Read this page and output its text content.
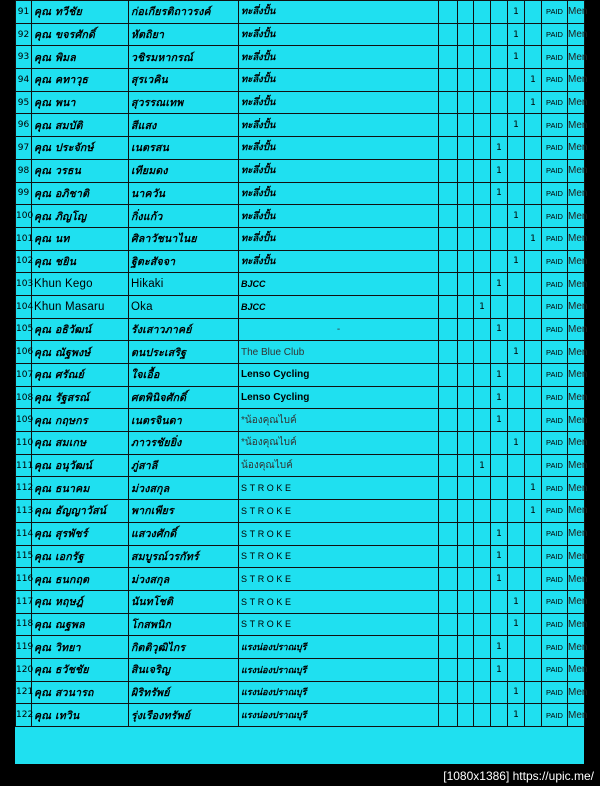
91	คุณ ทวีชัย	ก่อเกียรติถาวรงค์	ทะลึ่งปั้น					1		PAID	Men
92	คุณ ขจรศักดิ์	หัตถิยา	ทะลึ่งปั้น					1		PAID	Men
93	คุณ พิมล	วชิรมหากรณ์	ทะลึ่งปั้น					1		PAID	Men
94	คุณ คทาวุธ	สุรเวคิน	ทะลึ่งปั้น						1	PAID	Men
95	คุณ พนา	สุวรรณเทพ	ทะลึ่งปั้น						1	PAID	Men
96	คุณ สมบัติ	สีแสง	ทะลึ่งปั้น					1		PAID	Men
97	คุณ ประจักษ์	เนตรสน	ทะลึ่งปั้น				1			PAID	Men
98	คุณ วรธน	เทียมดง	ทะลึ่งปั้น				1			PAID	Men
99	คุณ อภิชาติ	นาควัน	ทะลึ่งปั้น				1			PAID	Men
100	คุณ ภิญโญ	กิ่งแก้ว	ทะลึ่งปั้น					1		PAID	Men
101	คุณ นท	ศิลาวัชนาไนย	ทะลึ่งปั้น						1	PAID	Men
102	คุณ ชยิน	ฐิตะสัจจา	ทะลึ่งปั้น					1		PAID	Men
103	Khun Kego	Hikaki	BJCC				1			PAID	Men
104	Khun Masaru	Oka	BJCC			1				PAID	Men
105	คุณ อธิวัฒน์	รังเสาวภาคย์	-				1			PAID	Men
106	คุณ ณัฐพงษ์	ตนประเสริฐ	The Blue Club					1		PAID	Men
107	คุณ ศรัณย์	ใจเอื้อ	Lenso Cycling				1			PAID	Men
108	คุณ รัฐสรณ์	ศตพินิจศักดิ์	Lenso Cycling				1			PAID	Men
109	คุณ กฤษกร	เนตรจินดา	*น้องคุณไบค์				1			PAID	Men
110	คุณ สมเกษ	ภาวรชัยยิ่ง	*น้องคุณไบค์					1		PAID	Men
111	คุณ อนุวัฒน์	ภู่สาลี	น้องคุณไบค์			1				PAID	Men
112	คุณ ธนาคม	ม่วงสกุล	STROKE						1	PAID	Men
113	คุณ ธัญญาวัสน์	พากเพียร	STROKE						1	PAID	Men
114	คุณ สุรพัชร์	แสวงศักดิ์	STROKE				1			PAID	Men
115	คุณ เอกรัฐ	สมบูรณ์วรกัทร์	STROKE				1			PAID	Men
116	คุณ ธนกฤต	ม่วงสกุล	STROKE				1			PAID	Men
117	คุณ หฤษฎ์	นันทโชติ	STROKE					1		PAID	Men
118	คุณ ณฐพล	โกสพนิก	STROKE					1		PAID	Men
119	คุณ วิทยา	กิตติวุฒิไกร	แรงน่องปราณบุรี				1			PAID	Men
120	คุณ ธวัชชัย	สินเจริญ	แรงน่องปราณบุรี				1			PAID	Men
121	คุณ สวนารถ	ผิริทรัพย์	แรงน่องปราณบุรี					1		PAID	Men
122	คุณ เทวิน	รุ่งเรืองทรัพย์	แรงน่องปราณบุรี					1		PAID	Men
[1080x1386] https://upic.me/
